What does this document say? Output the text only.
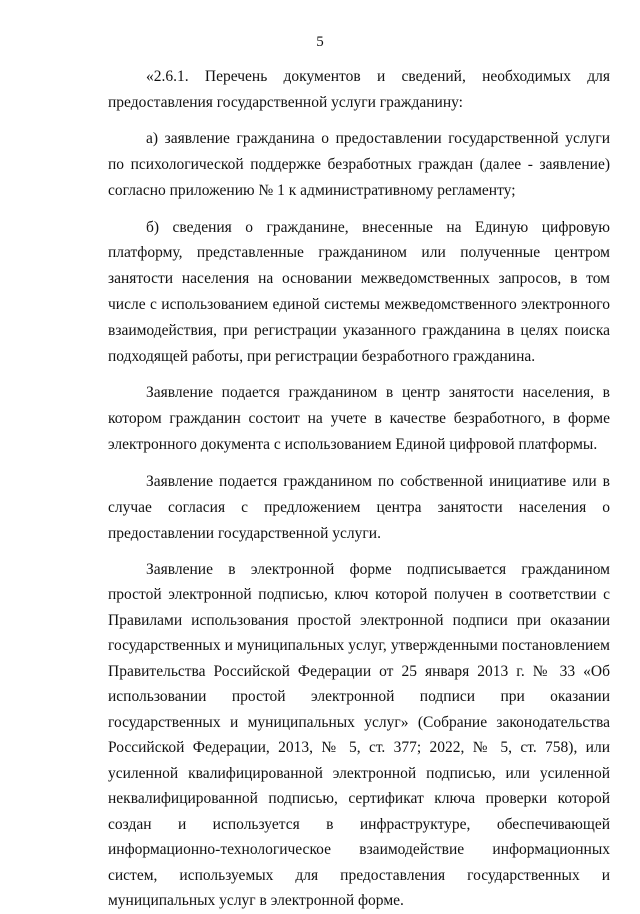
5

«2.6.1. Перечень документов и сведений, необходимых для предоставления государственной услуги гражданину:

а) заявление гражданина о предоставлении государственной услуги по психологической поддержке безработных граждан (далее - заявление) согласно приложению № 1 к административному регламенту;

б) сведения о гражданине, внесенные на Единую цифровую платформу, представленные гражданином или полученные центром занятости населения на основании межведомственных запросов, в том числе с использованием единой системы межведомственного электронного взаимодействия, при регистрации указанного гражданина в целях поиска подходящей работы, при регистрации безработного гражданина.

Заявление подается гражданином в центр занятости населения, в котором гражданин состоит на учете в качестве безработного, в форме электронного документа с использованием Единой цифровой платформы.

Заявление подается гражданином по собственной инициативе или в случае согласия с предложением центра занятости населения о предоставлении государственной услуги.

Заявление в электронной форме подписывается гражданином простой электронной подписью, ключ которой получен в соответствии с Правилами использования простой электронной подписи при оказании государственных и муниципальных услуг, утвержденными постановлением Правительства Российской Федерации от 25 января 2013 г. № 33 «Об использовании простой электронной подписи при оказании государственных и муниципальных услуг» (Собрание законодательства Российской Федерации, 2013, № 5, ст. 377; 2022, № 5, ст. 758), или усиленной квалифицированной электронной подписью, или усиленной неквалифицированной подписью, сертификат ключа проверки которой создан и используется в инфраструктуре, обеспечивающей информационно-технологическое взаимодействие информационных систем, используемых для предоставления государственных и муниципальных услуг в электронной форме.
